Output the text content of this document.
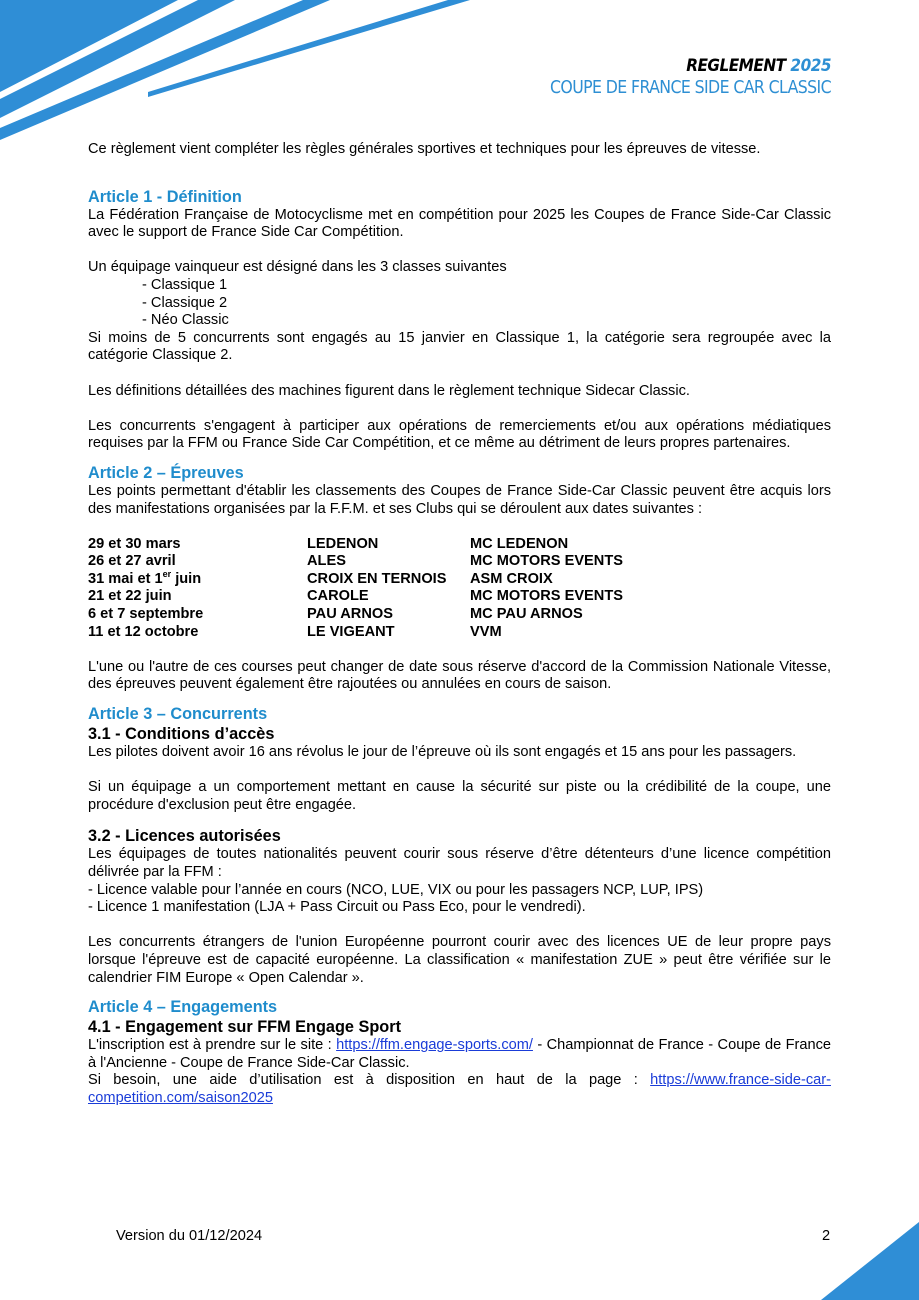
REGLEMENT 2025
COUPE DE FRANCE SIDE CAR CLASSIC

Ce règlement vient compléter les règles générales sportives et techniques pour les épreuves de vitesse.

Article 1 - Définition

La Fédération Française de Motocyclisme met en compétition pour 2025 les Coupes de France Side-Car Classic avec le support de France Side Car Compétition.

Un équipage vainqueur est désigné dans les 3 classes suivantes

- Classique 1

- Classique 2

- Néo Classic

Si moins de 5 concurrents sont engagés au 15 janvier en Classique 1, la catégorie sera regroupée avec la catégorie Classique 2.

Les définitions détaillées des machines figurent dans le règlement technique Sidecar Classic.

Les concurrents s'engagent à participer aux opérations de remerciements et/ou aux opérations médiatiques requises par la FFM ou France Side Car Compétition, et ce même au détriment de leurs propres partenaires.

Article 2 – Épreuves

Les points permettant d'établir les classements des Coupes de France Side-Car Classic peuvent être acquis lors des manifestations organisées par la F.F.M. et ses Clubs qui se déroulent aux dates suivantes :

29 et 30 mars	LEDENON	MC LEDENON
26 et 27 avril	ALES	MC MOTORS EVENTS
31 mai et 1er juin	CROIX EN TERNOIS	ASM CROIX
21 et 22 juin	CAROLE	MC MOTORS EVENTS
6 et 7 septembre	PAU ARNOS	MC PAU ARNOS
11 et 12 octobre	LE VIGEANT	VVM

L'une ou l'autre de ces courses peut changer de date sous réserve d'accord de la Commission Nationale Vitesse, des épreuves peuvent également être rajoutées ou annulées en cours de saison.

Article 3 – Concurrents
3.1 - Conditions d’accès

Les pilotes doivent avoir 16 ans révolus le jour de l’épreuve où ils sont engagés et 15 ans pour les passagers.

Si un équipage a un comportement mettant en cause la sécurité sur piste ou la crédibilité de la coupe, une procédure d'exclusion peut être engagée.

3.2 - Licences autorisées

Les équipages de toutes nationalités peuvent courir sous réserve d’être détenteurs d’une licence compétition délivrée par la FFM :

- Licence valable pour l’année en cours (NCO, LUE, VIX ou pour les passagers NCP, LUP, IPS)

- Licence 1 manifestation (LJA + Pass Circuit ou Pass Eco, pour le vendredi).

Les concurrents étrangers de l'union Européenne pourront courir avec des licences UE de leur propre pays lorsque l'épreuve est de capacité européenne. La classification « manifestation ZUE » peut être vérifiée sur le calendrier FIM Europe « Open Calendar ».

Article 4 – Engagements
4.1 - Engagement sur FFM Engage Sport

L'inscription est à prendre sur le site : https://ffm.engage-sports.com/ - Championnat de France - Coupe de France à l'Ancienne - Coupe de France Side-Car Classic.

Si besoin, une aide d’utilisation est à disposition en haut de la page : https://www.france-side-car-competition.com/saison2025

Version du 01/12/2024	2
